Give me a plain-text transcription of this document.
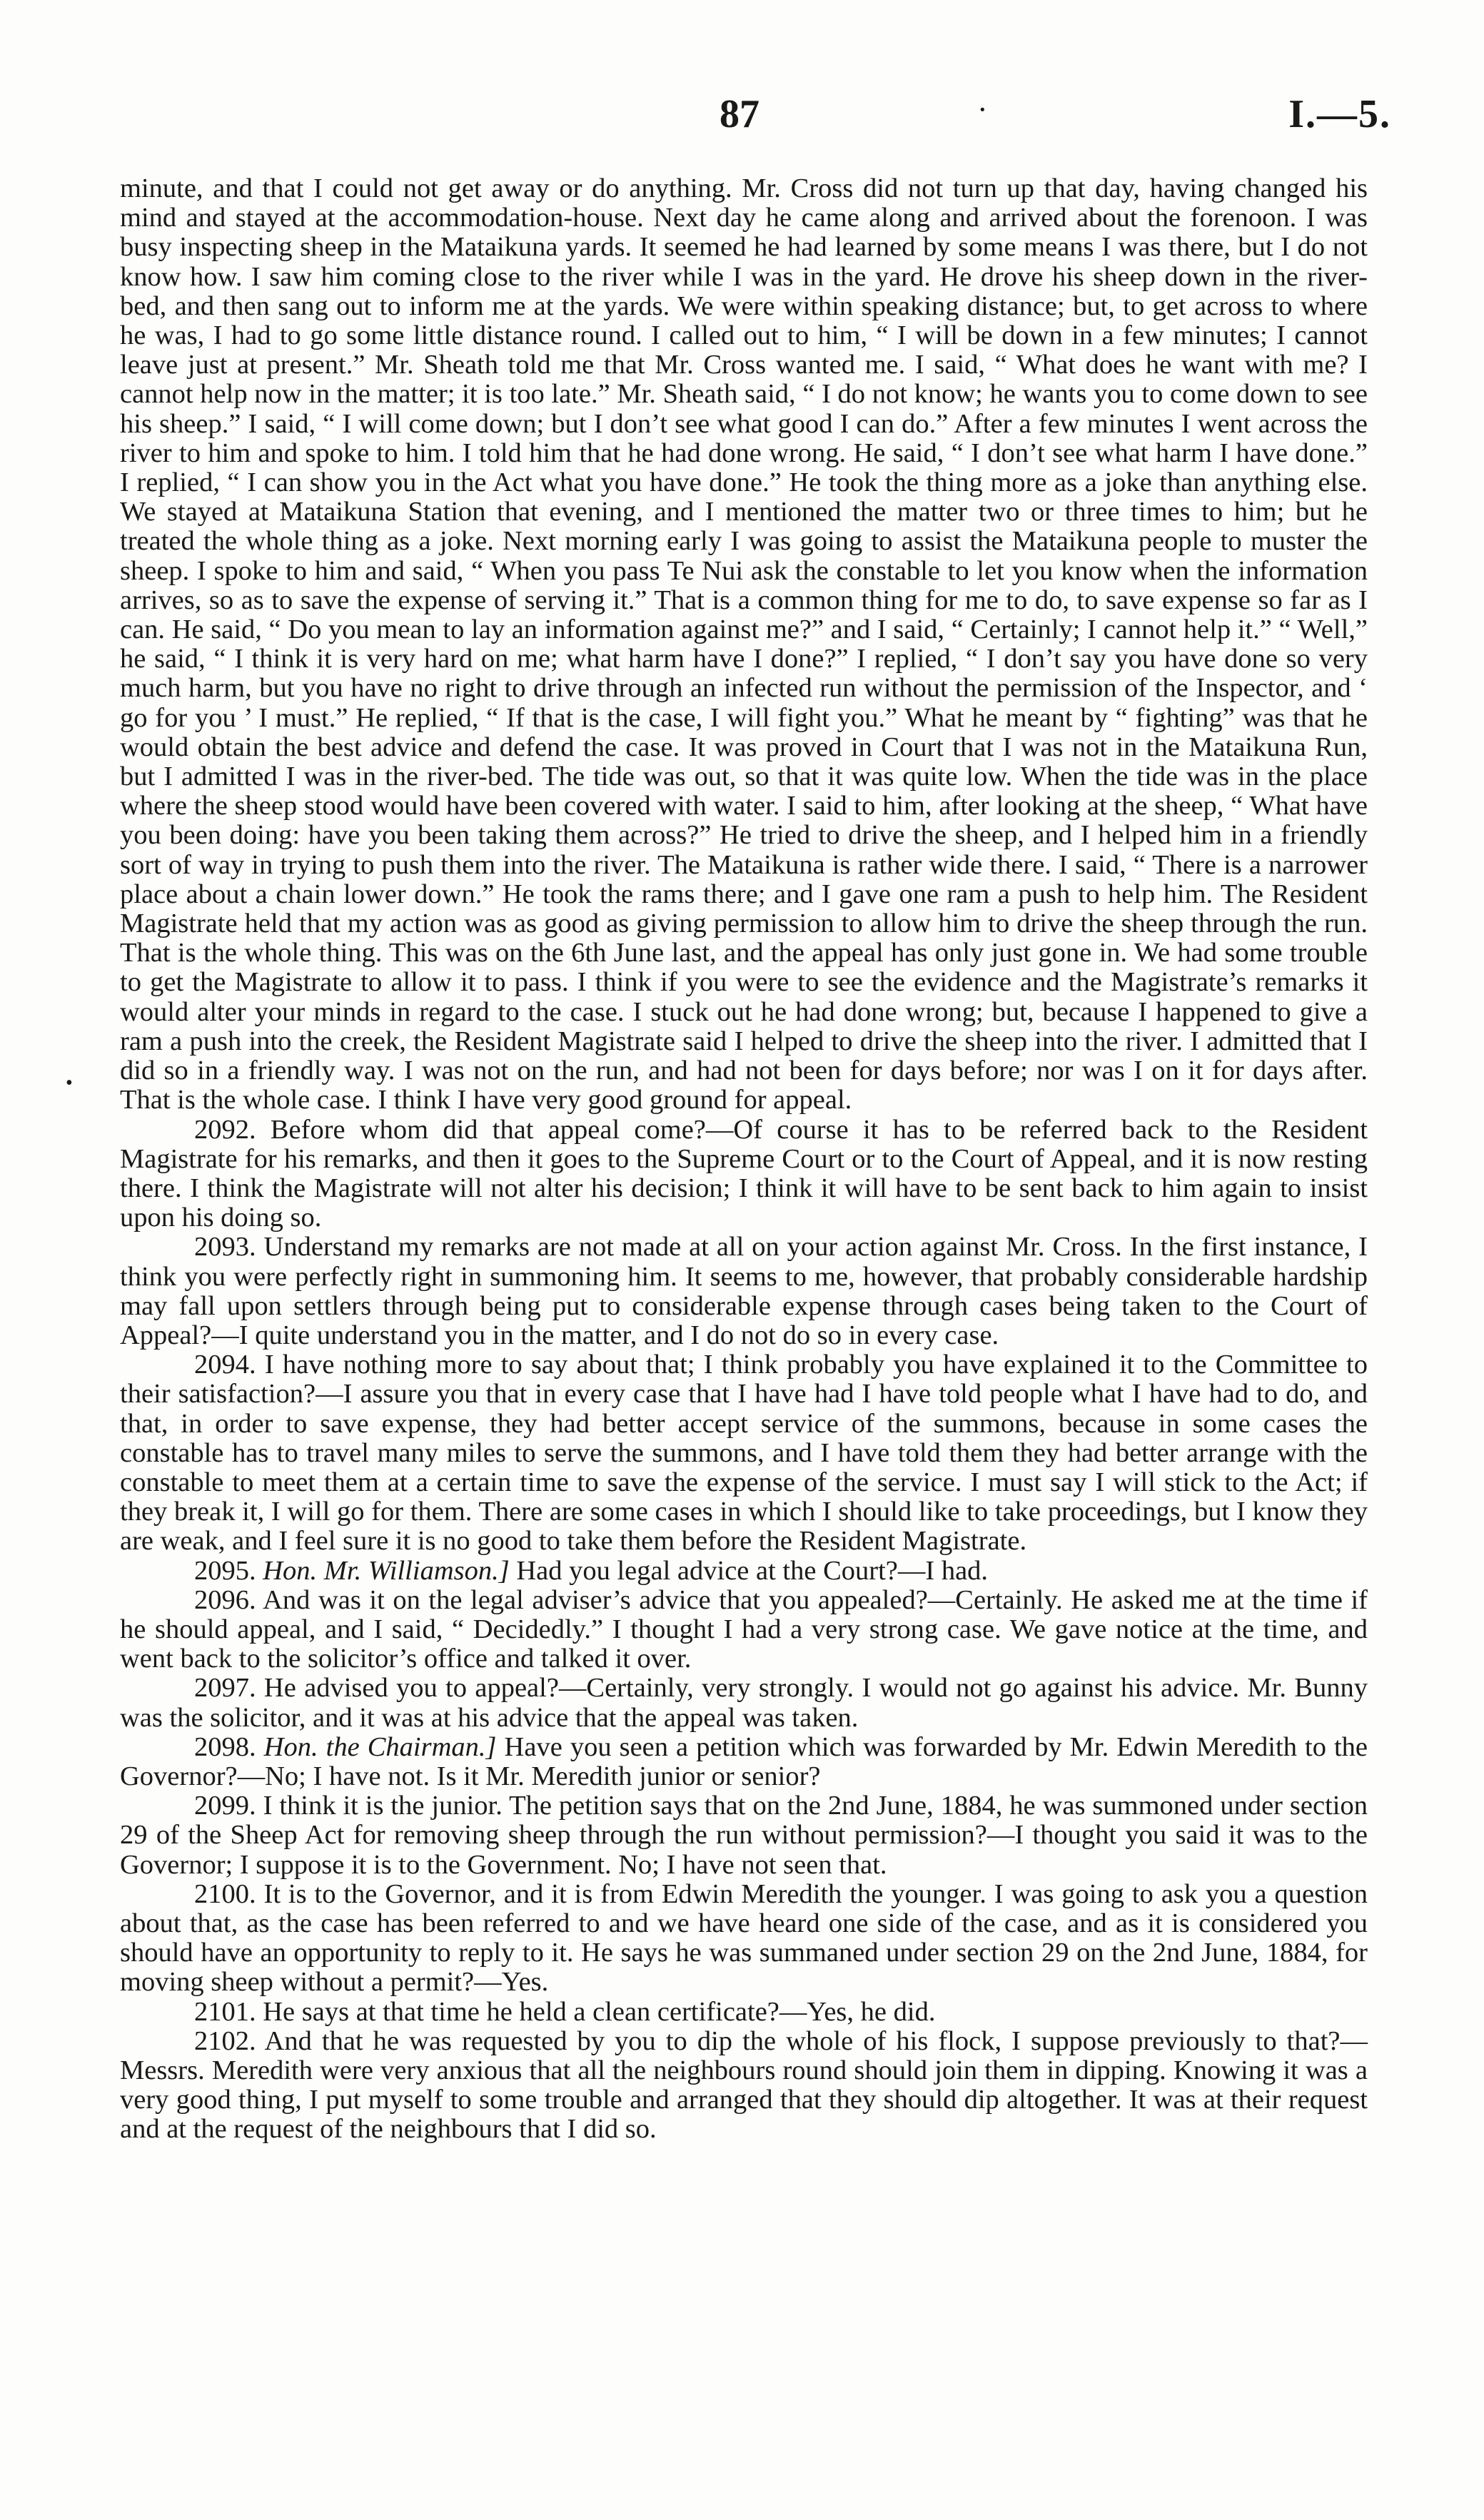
87	·	I.—5.
•

minute, and that I could not get away or do anything. Mr. Cross did not turn up that day, having changed his mind and stayed at the accommodation-house. Next day he came along and arrived about the forenoon. I was busy inspecting sheep in the Mataikuna yards. It seemed he had learned by some means I was there, but I do not know how. I saw him coming close to the river while I was in the yard. He drove his sheep down in the river-bed, and then sang out to inform me at the yards. We were within speaking distance; but, to get across to where he was, I had to go some little distance round. I called out to him, “ I will be down in a few minutes; I cannot leave just at present.” Mr. Sheath told me that Mr. Cross wanted me. I said, “ What does he want with me? I cannot help now in the matter; it is too late.” Mr. Sheath said, “ I do not know; he wants you to come down to see his sheep.” I said, “ I will come down; but I don’t see what good I can do.” After a few minutes I went across the river to him and spoke to him. I told him that he had done wrong. He said, “ I don’t see what harm I have done.” I replied, “ I can show you in the Act what you have done.” He took the thing more as a joke than anything else. We stayed at Mataikuna Station that evening, and I mentioned the matter two or three times to him; but he treated the whole thing as a joke. Next morning early I was going to assist the Mataikuna people to muster the sheep. I spoke to him and said, “ When you pass Te Nui ask the constable to let you know when the information arrives, so as to save the expense of serving it.” That is a common thing for me to do, to save expense so far as I can. He said, “ Do you mean to lay an information against me?” and I said, “ Certainly; I cannot help it.” “ Well,” he said, “ I think it is very hard on me; what harm have I done?” I replied, “ I don’t say you have done so very much harm, but you have no right to drive through an infected run without the permission of the Inspector, and ‘ go for you ’ I must.” He replied, “ If that is the case, I will fight you.” What he meant by “ fighting” was that he would obtain the best advice and defend the case. It was proved in Court that I was not in the Mataikuna Run, but I admitted I was in the river-bed. The tide was out, so that it was quite low. When the tide was in the place where the sheep stood would have been covered with water. I said to him, after looking at the sheep, “ What have you been doing: have you been taking them across?” He tried to drive the sheep, and I helped him in a friendly sort of way in trying to push them into the river. The Mataikuna is rather wide there. I said, “ There is a narrower place about a chain lower down.” He took the rams there; and I gave one ram a push to help him. The Resident Magistrate held that my action was as good as giving permission to allow him to drive the sheep through the run. That is the whole thing. This was on the 6th June last, and the appeal has only just gone in. We had some trouble to get the Magistrate to allow it to pass. I think if you were to see the evidence and the Magistrate’s remarks it would alter your minds in regard to the case. I stuck out he had done wrong; but, because I happened to give a ram a push into the creek, the Resident Magistrate said I helped to drive the sheep into the river. I admitted that I did so in a friendly way. I was not on the run, and had not been for days before; nor was I on it for days after. That is the whole case. I think I have very good ground for appeal.

2092. Before whom did that appeal come?—Of course it has to be referred back to the Resident Magistrate for his remarks, and then it goes to the Supreme Court or to the Court of Appeal, and it is now resting there. I think the Magistrate will not alter his decision; I think it will have to be sent back to him again to insist upon his doing so.

2093. Understand my remarks are not made at all on your action against Mr. Cross. In the first instance, I think you were perfectly right in summoning him. It seems to me, however, that probably considerable hardship may fall upon settlers through being put to considerable expense through cases being taken to the Court of Appeal?—I quite understand you in the matter, and I do not do so in every case.

2094. I have nothing more to say about that; I think probably you have explained it to the Committee to their satisfaction?—I assure you that in every case that I have had I have told people what I have had to do, and that, in order to save expense, they had better accept service of the summons, because in some cases the constable has to travel many miles to serve the summons, and I have told them they had better arrange with the constable to meet them at a certain time to save the expense of the service. I must say I will stick to the Act; if they break it, I will go for them. There are some cases in which I should like to take proceedings, but I know they are weak, and I feel sure it is no good to take them before the Resident Magistrate.

2095. Hon. Mr. Williamson.] Had you legal advice at the Court?—I had.

2096. And was it on the legal adviser’s advice that you appealed?—Certainly. He asked me at the time if he should appeal, and I said, “ Decidedly.” I thought I had a very strong case. We gave notice at the time, and went back to the solicitor’s office and talked it over.

2097. He advised you to appeal?—Certainly, very strongly. I would not go against his advice. Mr. Bunny was the solicitor, and it was at his advice that the appeal was taken.

2098. Hon. the Chairman.] Have you seen a petition which was forwarded by Mr. Edwin Meredith to the Governor?—No; I have not. Is it Mr. Meredith junior or senior?

2099. I think it is the junior. The petition says that on the 2nd June, 1884, he was summoned under section 29 of the Sheep Act for removing sheep through the run without permission?—I thought you said it was to the Governor; I suppose it is to the Government. No; I have not seen that.

2100. It is to the Governor, and it is from Edwin Meredith the younger. I was going to ask you a question about that, as the case has been referred to and we have heard one side of the case, and as it is considered you should have an opportunity to reply to it. He says he was summaned under section 29 on the 2nd June, 1884, for moving sheep without a permit?—Yes.

2101. He says at that time he held a clean certificate?—Yes, he did.

2102. And that he was requested by you to dip the whole of his flock, I suppose previously to that?—Messrs. Meredith were very anxious that all the neighbours round should join them in dipping. Knowing it was a very good thing, I put myself to some trouble and arranged that they should dip altogether. It was at their request and at the request of the neighbours that I did so.
